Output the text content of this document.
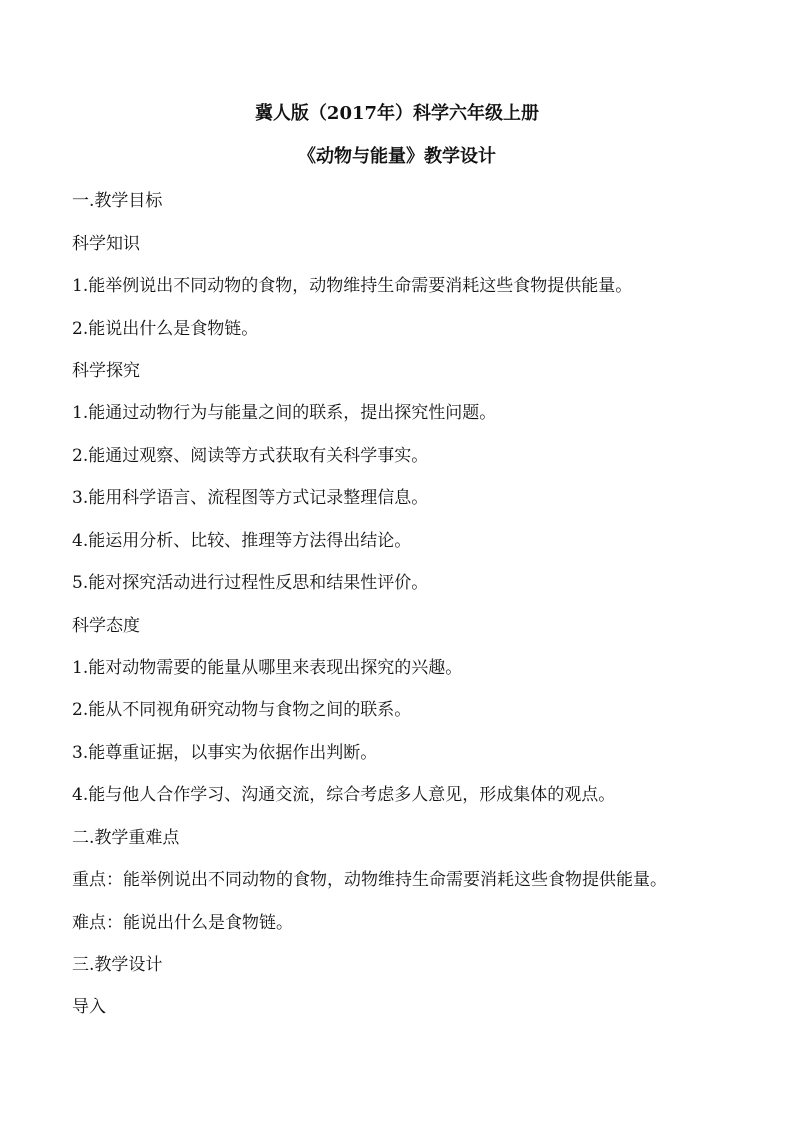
冀人版（2017年）科学六年级上册
《动物与能量》教学设计
一.教学目标
科学知识
1.能举例说出不同动物的食物，动物维持生命需要消耗这些食物提供能量。
2.能说出什么是食物链。
科学探究
1.能通过动物行为与能量之间的联系，提出探究性问题。
2.能通过观察、阅读等方式获取有关科学事实。
3.能用科学语言、流程图等方式记录整理信息。
4.能运用分析、比较、推理等方法得出结论。
5.能对探究活动进行过程性反思和结果性评价。
科学态度
1.能对动物需要的能量从哪里来表现出探究的兴趣。
2.能从不同视角研究动物与食物之间的联系。
3.能尊重证据，以事实为依据作出判断。
4.能与他人合作学习、沟通交流，综合考虑多人意见，形成集体的观点。
二.教学重难点
重点：能举例说出不同动物的食物，动物维持生命需要消耗这些食物提供能量。
难点：能说出什么是食物链。
三.教学设计
导入
